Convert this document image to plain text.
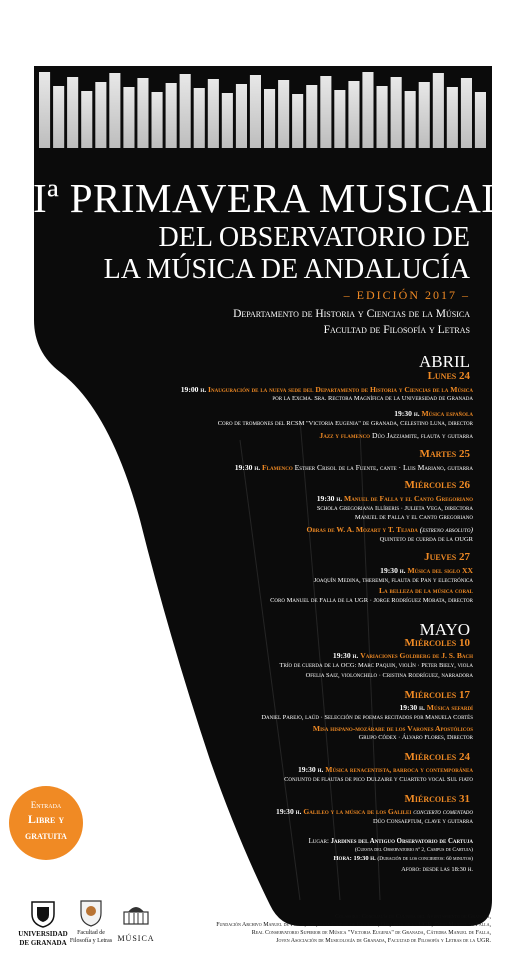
Iª PRIMAVERA MUSICAL
DEL OBSERVATORIO DE
LA MÚSICA DE ANDALUCÍA
– EDICIÓN 2017 –
Departamento de Historia y Ciencias de la Música
Facultad de Filosofía y Letras
ABRIL
Lunes 24
19:00 h. Inauguración de la nueva sede del Departamento de Historia y Ciencias de la Música
por la Excma. Sra. Rectora Magnífica de la Universidad de Granada
19:30 h. Música española
Coro de trombones del RCSM "Victoria Eugenia" de Granada, Celestino Luna, director
Jazz y flamenco Dúo Jazzjamite, flauta y guitarra
Martes 25
19:30 h. Flamenco Esther Crisol de la Fuente, cante · Luis Mariano, guitarra
Miércoles 26
19:30 h. Manuel de Falla y el Canto Gregoriano
Schola Gregoriana Illíberis · Julieta Vega, directora
Manuel de Falla y el Canto Gregoriano
Obras de W. A. Mozart y T. Tejada (estreno absoluto)
Quinteto de cuerda de la OUGR
Jueves 27
19:30 h. Música del siglo XX
Joaquín Medina, theremin, flauta de Pan y electrónica
La belleza de la música coral
Coro Manuel de Falla de la UGR · Jorge Rodríguez Morata, director
MAYO
Miércoles 10
19:30 h. Variaciones Goldberg de J. S. Bach
Trío de cuerda de la OCG: Marc Paquin, violín · Peter Biely, viola
Ofelia Saiz, violonchelo · Cristina Rodríguez, narradora
Miércoles 17
19:30 h. Música sefardí
Daniel Parejo, laúd · Selección de poemas recitados por Manuela Cortés
Misa hispano-mozárabe de los Varones Apostólicos
Grupo Códex · Álvaro Flores, Director
Miércoles 24
19:30 h. Música renacentista, barroca y contemporánea
Conjunto de flautas de pico Dulzaire y Cuarteto vocal Sul fiato
Miércoles 31
19:30 h. Galileo y la música de los Galilei concierto comentado
Dúo Consaeptum, clave y guitarra
Lugar: Jardines del Antiguo Observatorio de Cartuja
(Cuesta del Observatorio nº 2, Campus de Cartuja)
Hora: 19:30 h. (Duración de los conciertos: 60 minutos)
Aforo: desde las 18:30 h.
Entrada
Libre y
gratuita
UNIVERSIDAD
DE GRANADA
Facultad de
Filosofía y Letras MÚSICA
Colabora: Concejalía de Cultura del Ayuntamiento de Granada,
Fundación Archivo Manuel de Falla, Orquesta Ciudad de Granada, Orquesta de la UGR, Coro Manuel de Falla,
Real Conservatorio Superior de Música "Victoria Eugenia" de Granada, Cátedra Manuel de Falla,
Joven Asociación de Musicología de Granada, Facultad de Filosofía y Letras de la UGR.
